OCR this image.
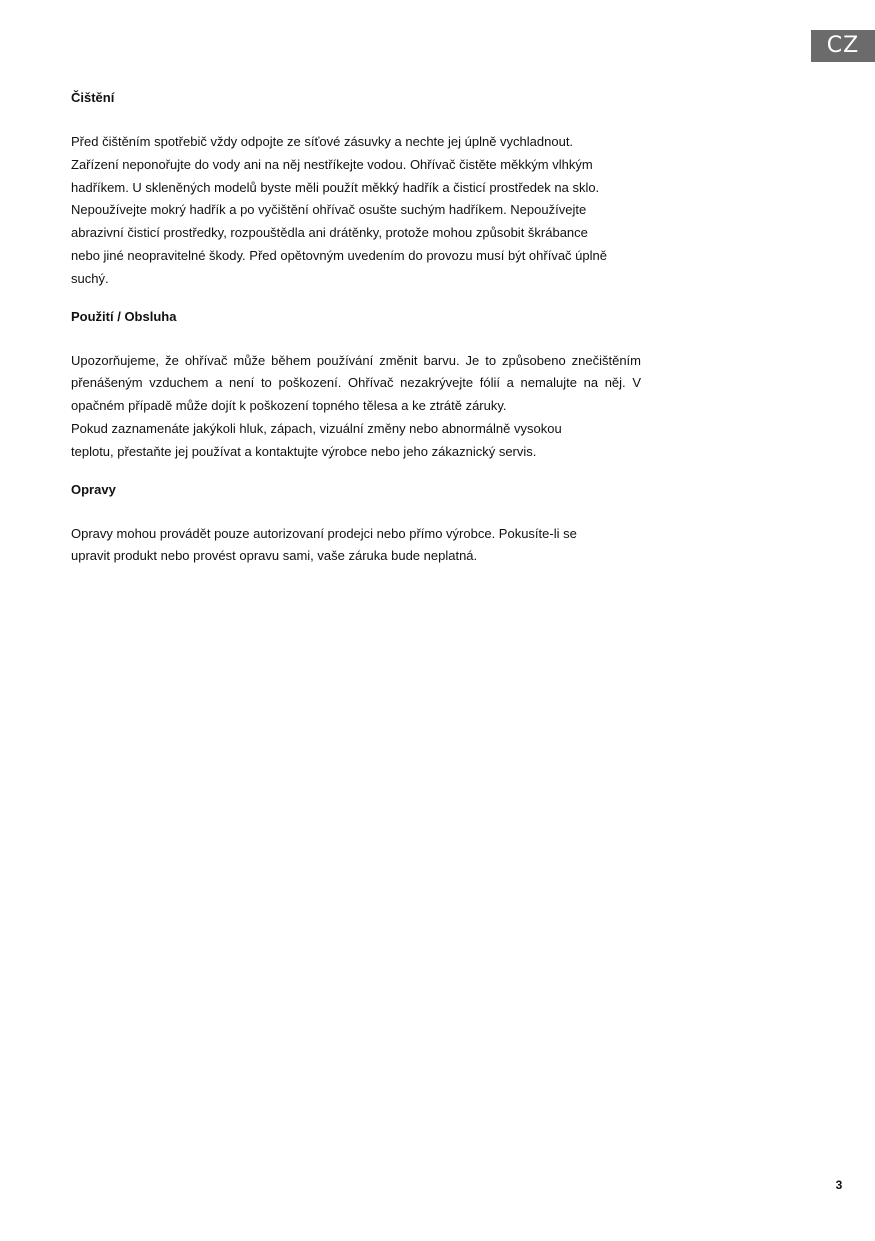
CZ
Čištění

Před čištěním spotřebič vždy odpojte ze síťové zásuvky a nechte jej úplně vychladnout.
Zařízení neponořujte do vody ani na něj nestříkejte vodou. Ohřívač čistěte měkkým vlhkým
hadříkem. U skleněných modelů byste měli použít měkký hadřík a čisticí prostředek na sklo.
Nepoužívejte mokrý hadřík a po vyčištění ohřívač osušte suchým hadříkem. Nepoužívejte
abrazivní čisticí prostředky, rozpouštědla ani drátěnky, protože mohou způsobit škrábance
nebo jiné neopravitelné škody. Před opětovným uvedením do provozu musí být ohřívač úplně
suchý.

Použití / Obsluha

Upozorňujeme, že ohřívač může během používání změnit barvu. Je to způsobeno znečištěním
přenášeným vzduchem a není to poškození. Ohřívač nezakrývejte fólií a nemalujte na něj. V
opačném případě může dojít k poškození topného tělesa a ke ztrátě záruky.
Pokud zaznamenáte jakýkoli hluk, zápach, vizuální změny nebo abnormálně vysokou
teplotu, přestaňte jej používat a kontaktujte výrobce nebo jeho zákaznický servis.

Opravy

Opravy mohou provádět pouze autorizovaní prodejci nebo přímo výrobce. Pokusíte-li se
upravit produkt nebo provést opravu sami, vaše záruka bude neplatná.

3
